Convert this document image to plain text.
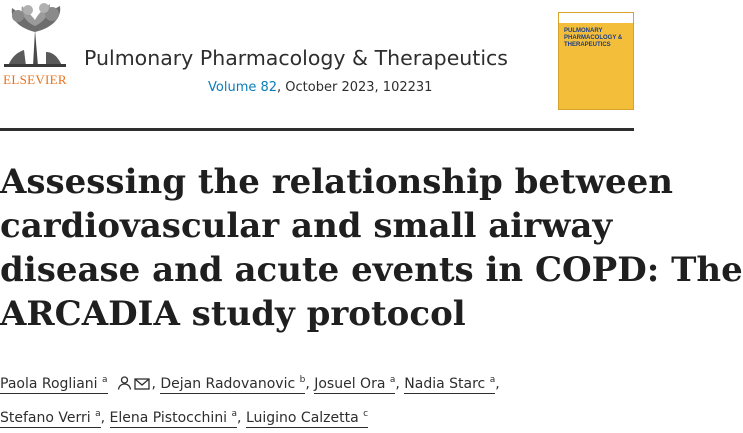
ELSEVIER
Pulmonary Pharmacology & Therapeutics
Volume 82, October 2023, 102231
PULMONARY PHARMACOLOGY & THERAPEUTICS
Assessing the relationship between
cardiovascular and small airway
disease and acute events in COPD: The
ARCADIA study protocol
Paola Rogliani $^a$	, Dejan Radovanovic $^b$, Josuel Ora $^a$, Nadia Starc $^a$,
Stefano Verri $^a$, Elena Pistocchini $^a$, Luigino Calzetta $^c$
